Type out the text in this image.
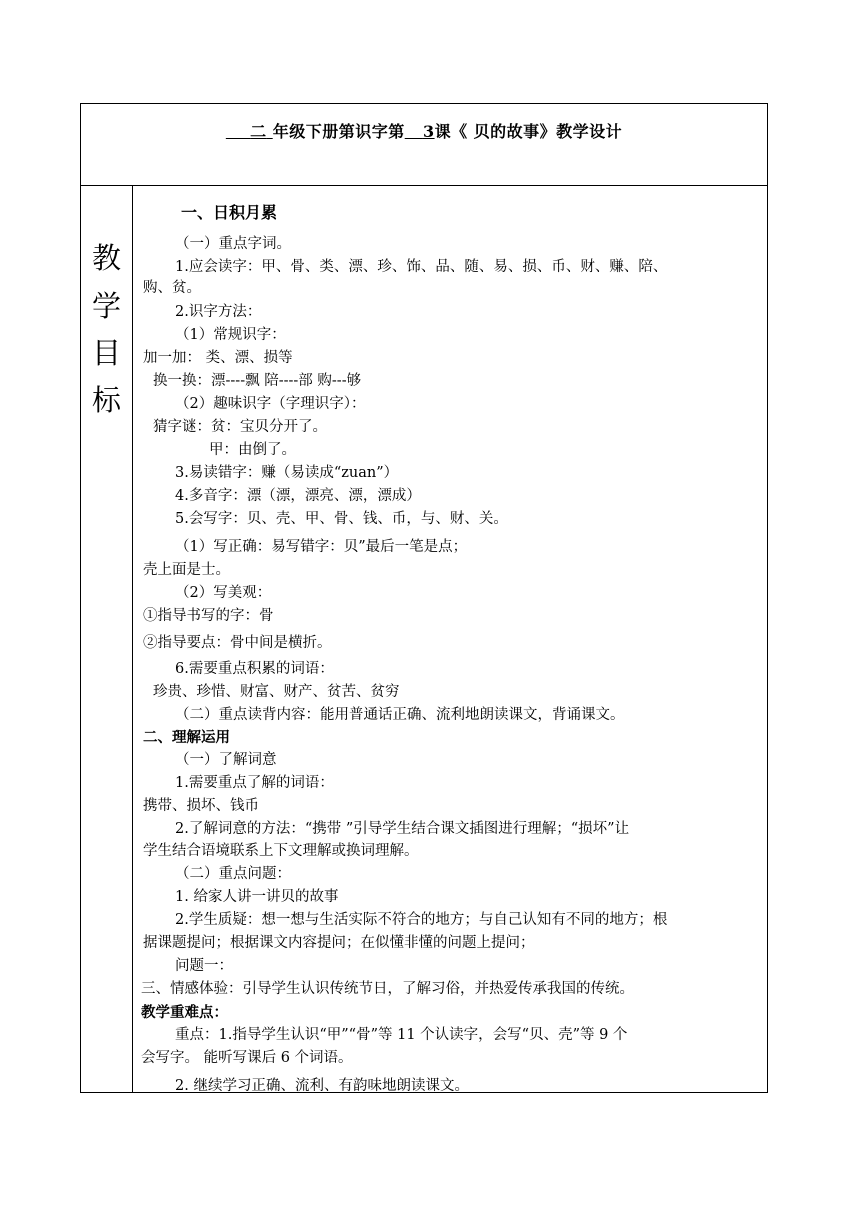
二 年级下册第识字第 3课《 贝的故事》教学设计
教
学
目
标
一、日积月累
（一）重点字词。
1.应会读字：甲、骨、类、漂、珍、饰、品、随、易、损、币、财、赚、陪、
购、贫。
2.识字方法：
（1）常规识字：
加一加： 类、漂、损等
换一换：漂----飘 陪----部 购---够
（2）趣味识字（字理识字）：
猜字谜：贫：宝贝分开了。
甲：由倒了。
3.易读错字：赚（易读成“zuan”）
4.多音字：漂（漂，漂亮、漂，漂成）
5.会写字：贝、壳、甲、骨、钱、币，与、财、关。
（1）写正确：易写错字：贝”最后一笔是点；
壳上面是士。
（2）写美观：
①指导书写的字：骨
②指导要点：骨中间是横折。
6.需要重点积累的词语：
珍贵、珍惜、财富、财产、贫苦、贫穷
（二）重点读背内容：能用普通话正确、流利地朗读课文，背诵课文。
二、理解运用
（一）了解词意
1.需要重点了解的词语：
携带、损坏、钱币
2.了解词意的方法：“携带 ”引导学生结合课文插图进行理解；“损坏”让
学生结合语境联系上下文理解或换词理解。
（二）重点问题：
1. 给家人讲一讲贝的故事
2.学生质疑：想一想与生活实际不符合的地方；与自己认知有不同的地方；根
据课题提问；根据课文内容提问；在似懂非懂的问题上提问；
问题一：
三、情感体验：引导学生认识传统节日，了解习俗，并热爱传承我国的传统。
教学重难点：
重点：1.指导学生认识“甲”“骨”等 11 个认读字，会写“贝、壳”等 9 个
会写字。 能听写课后 6 个词语。
2. 继续学习正确、流利、有韵味地朗读课文。
